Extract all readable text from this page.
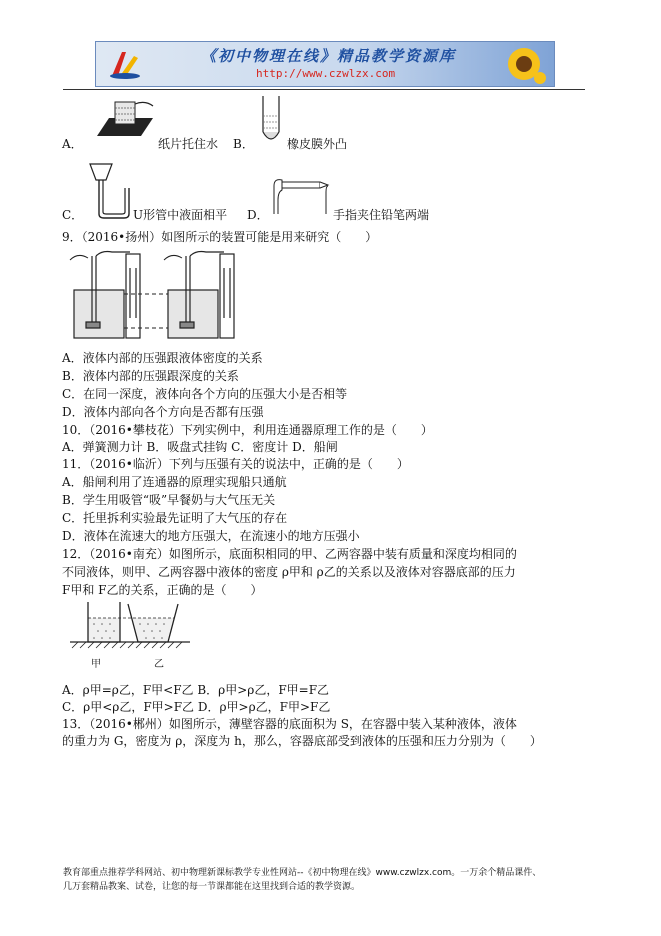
《初中物理在线》精品教学资源库
http://www.czwlzx.com
A．	纸片托住水 B．	橡皮膜外凸
C．	U形管中液面相平 D．	手指夹住铅笔两端
9．（2016•扬州）如图所示的装置可能是用来研究（　　）
A．液体内部的压强跟液体密度的关系
B．液体内部的压强跟深度的关系
C．在同一深度，液体向各个方向的压强大小是否相等
D．液体内部向各个方向是否都有压强
10．（2016•攀枝花）下列实例中，利用连通器原理工作的是（　　）
A．弹簧测力计 B．吸盘式挂钩 C．密度计 D．船闸
11．（2016•临沂）下列与压强有关的说法中，正确的是（　　）
A．船闸利用了连通器的原理实现船只通航
B．学生用吸管“吸”早餐奶与大气压无关
C．托里拆利实验最先证明了大气压的存在
D．液体在流速大的地方压强大，在流速小的地方压强小
12．（2016•南充）如图所示，底面积相同的甲、乙两容器中装有质量和深度均相同的
不同液体，则甲、乙两容器中液体的密度 ρ甲和 ρ乙的关系以及液体对容器底部的压力
F甲和 F乙的关系，正确的是（　　）
甲	乙
A．ρ甲=ρ乙，F甲<F乙 B．ρ甲>ρ乙，F甲=F乙
C．ρ甲<ρ乙，F甲>F乙 D．ρ甲>ρ乙，F甲>F乙
13．（2016•郴州）如图所示，薄壁容器的底面积为 S，在容器中装入某种液体，液体
的重力为 G，密度为 ρ，深度为 h，那么，容器底部受到液体的压强和压力分别为（　　）
教育部重点推荐学科网站、初中物理新课标教学专业性网站--《初中物理在线》www.czwlzx.com。一万余个精品课件、
几万套精品教案、试卷，让您的每一节课都能在这里找到合适的教学资源。
